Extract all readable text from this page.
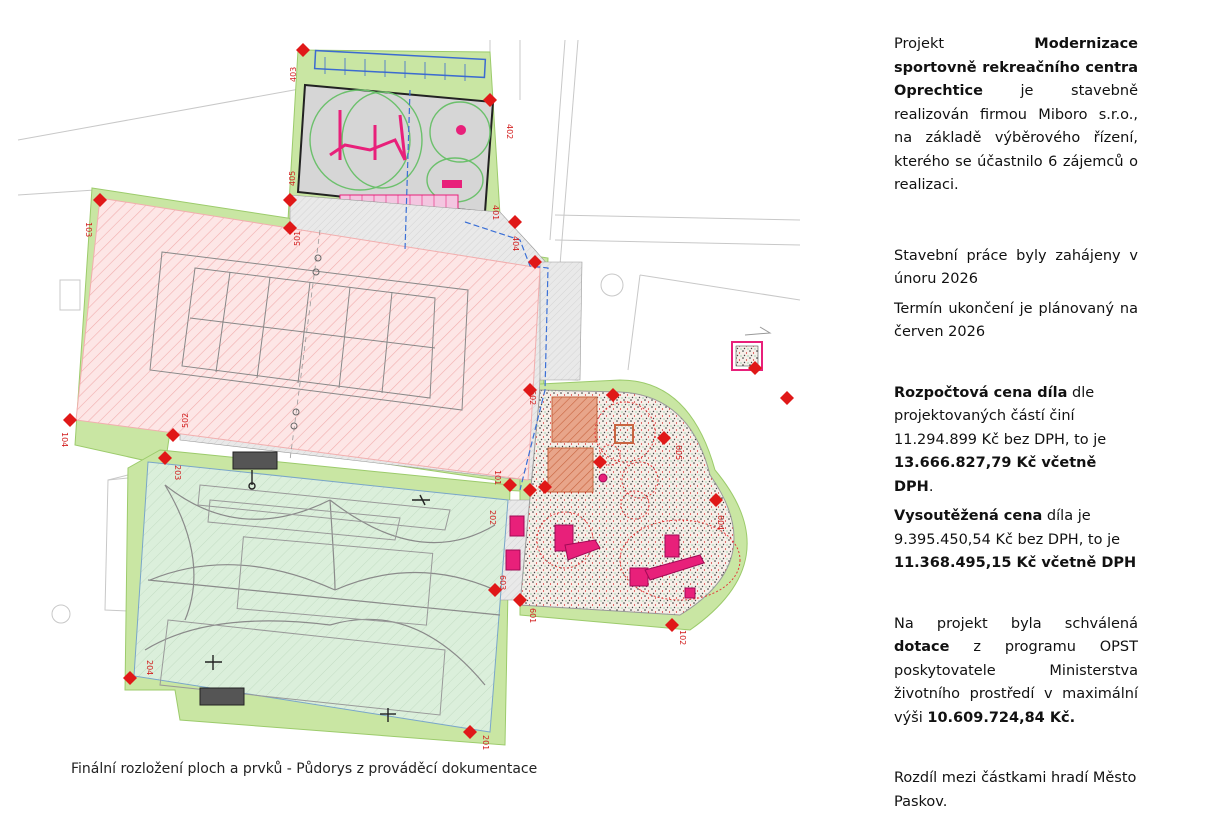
403
402
401
404
405
501
502
103
104
101
102
203
204
201
202
601
602
603
604
605
Finální rozložení ploch a prvků - Půdorys z prováděcí dokumentace

Projekt Modernizace sportovně rekreačního centra Oprechtice je stavebně realizován firmou Miboro s.r.o., na základě výběrového řízení, kterého se účastnilo 6 zájemců o realizaci.

Stavební práce byly zahájeny v únoru 2026

Termín ukončení je plánovaný na červen 2026

Rozpočtová cena díla dle projektovaných částí činí 11.294.899 Kč bez DPH, to je 13.666.827,79 Kč včetně DPH.

Vysoutěžená cena díla je 9.395.450,54 Kč bez DPH, to je 11.368.495,15 Kč včetně DPH

Na projekt byla schválená dotace z programu OPST poskytovatele Ministerstva životního prostředí v maximální výši 10.609.724,84 Kč.

Rozdíl mezi částkami hradí Město Paskov.
